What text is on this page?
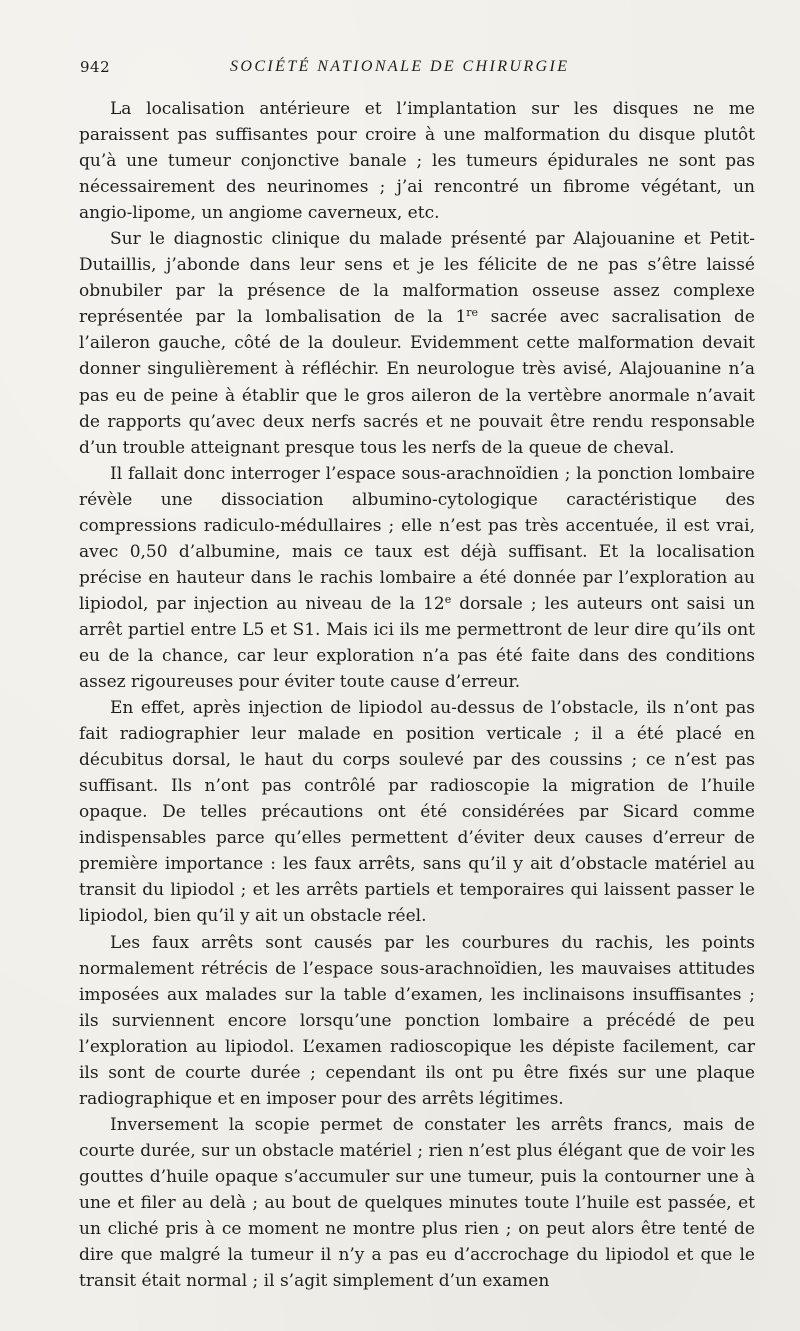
942	SOCIÉTÉ NATIONALE DE CHIRURGIE

La localisation antérieure et l’implantation sur les disques ne me paraissent pas suffisantes pour croire à une malformation du disque plutôt qu’à une tumeur conjonctive banale ; les tumeurs épidurales ne sont pas nécessairement des neurinomes ; j’ai rencontré un fibrome végétant, un angio-lipome, un angiome caverneux, etc.

Sur le diagnostic clinique du malade présenté par Alajouanine et Petit-Dutaillis, j’abonde dans leur sens et je les félicite de ne pas s’être laissé obnubiler par la présence de la malformation osseuse assez complexe représentée par la lombalisation de la 1re sacrée avec sacralisation de l’aileron gauche, côté de la douleur. Evidemment cette malformation devait donner singulièrement à réfléchir. En neurologue très avisé, Alajouanine n’a pas eu de peine à établir que le gros aileron de la vertèbre anormale n’avait de rapports qu’avec deux nerfs sacrés et ne pouvait être rendu responsable d’un trouble atteignant presque tous les nerfs de la queue de cheval.

Il fallait donc interroger l’espace sous-arachnoïdien ; la ponction lombaire révèle une dissociation albumino-cytologique caractéristique des compressions radiculo-médullaires ; elle n’est pas très accentuée, il est vrai, avec 0,50 d’albumine, mais ce taux est déjà suffisant. Et la localisation précise en hauteur dans le rachis lombaire a été donnée par l’exploration au lipiodol, par injection au niveau de la 12e dorsale ; les auteurs ont saisi un arrêt partiel entre L5 et S1. Mais ici ils me permettront de leur dire qu’ils ont eu de la chance, car leur exploration n’a pas été faite dans des conditions assez rigoureuses pour éviter toute cause d’erreur.

En effet, après injection de lipiodol au-dessus de l’obstacle, ils n’ont pas fait radiographier leur malade en position verticale ; il a été placé en décubitus dorsal, le haut du corps soulevé par des coussins ; ce n’est pas suffisant. Ils n’ont pas contrôlé par radioscopie la migration de l’huile opaque. De telles précautions ont été considérées par Sicard comme indispensables parce qu’elles permettent d’éviter deux causes d’erreur de première importance : les faux arrêts, sans qu’il y ait d’obstacle matériel au transit du lipiodol ; et les arrêts partiels et temporaires qui laissent passer le lipiodol, bien qu’il y ait un obstacle réel.

Les faux arrêts sont causés par les courbures du rachis, les points normalement rétrécis de l’espace sous-arachnoïdien, les mauvaises attitudes imposées aux malades sur la table d’examen, les inclinaisons insuffisantes ; ils surviennent encore lorsqu’une ponction lombaire a précédé de peu l’exploration au lipiodol. L’examen radioscopique les dépiste facilement, car ils sont de courte durée ; cependant ils ont pu être fixés sur une plaque radiographique et en imposer pour des arrêts légitimes.

Inversement la scopie permet de constater les arrêts francs, mais de courte durée, sur un obstacle matériel ; rien n’est plus élégant que de voir les gouttes d’huile opaque s’accumuler sur une tumeur, puis la contourner une à une et filer au delà ; au bout de quelques minutes toute l’huile est passée, et un cliché pris à ce moment ne montre plus rien ; on peut alors être tenté de dire que malgré la tumeur il n’y a pas eu d’accrochage du lipiodol et que le transit était normal ; il s’agit simplement d’un examen
